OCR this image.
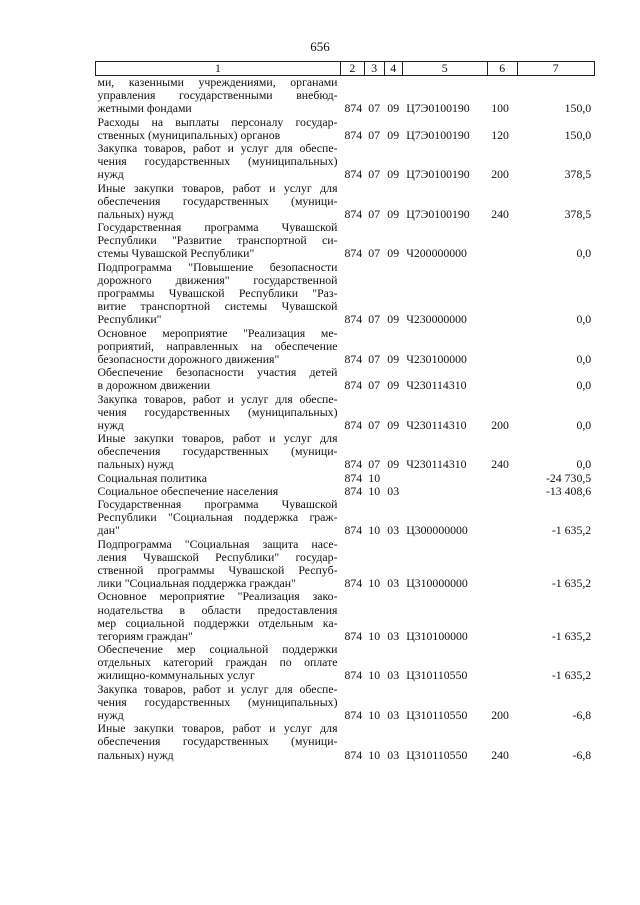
656
1	2	3	4	5	6	7

ми, казенными учреждениями, органами
управления государственными внебюд-
жетными фондами	874	07	09	Ц7Э0100190	100	150,0

Расходы на выплаты персоналу государ-
ственных (муниципальных) органов	874	07	09	Ц7Э0100190	120	150,0

Закупка товаров, работ и услуг для обеспе-
чения государственных (муниципальных)
нужд	874	07	09	Ц7Э0100190	200	378,5

Иные закупки товаров, работ и услуг для
обеспечения государственных (муници-
пальных) нужд	874	07	09	Ц7Э0100190	240	378,5

Государственная программа Чувашской
Республики "Развитие транспортной си-
стемы Чувашской Республики"	874	07	09	Ч200000000		0,0

Подпрограмма "Повышение безопасности
дорожного движения" государственной
программы Чувашской Республики "Раз-
витие транспортной системы Чувашской
Республики"	874	07	09	Ч230000000		0,0

Основное мероприятие "Реализация ме-
роприятий, направленных на обеспечение
безопасности дорожного движения"	874	07	09	Ч230100000		0,0

Обеспечение безопасности участия детей
в дорожном движении	874	07	09	Ч230114310		0,0

Закупка товаров, работ и услуг для обеспе-
чения государственных (муниципальных)
нужд	874	07	09	Ч230114310	200	0,0

Иные закупки товаров, работ и услуг для
обеспечения государственных (муници-
пальных) нужд	874	07	09	Ч230114310	240	0,0

Социальная политика	874	10				-24 730,5

Социальное обеспечение населения	874	10	03			-13 408,6

Государственная программа Чувашской
Республики "Социальная поддержка граж-
дан"	874	10	03	Ц300000000		-1 635,2

Подпрограмма "Социальная защита насе-
ления Чувашской Республики" государ-
ственной программы Чувашской Респуб-
лики "Социальная поддержка граждан"	874	10	03	Ц310000000		-1 635,2

Основное мероприятие "Реализация зако-
нодательства в области предоставления
мер социальной поддержки отдельным ка-
тегориям граждан"	874	10	03	Ц310100000		-1 635,2

Обеспечение мер социальной поддержки
отдельных категорий граждан по оплате
жилищно-коммунальных услуг	874	10	03	Ц310110550		-1 635,2

Закупка товаров, работ и услуг для обеспе-
чения государственных (муниципальных)
нужд	874	10	03	Ц310110550	200	-6,8

Иные закупки товаров, работ и услуг для
обеспечения государственных (муници-
пальных) нужд	874	10	03	Ц310110550	240	-6,8
